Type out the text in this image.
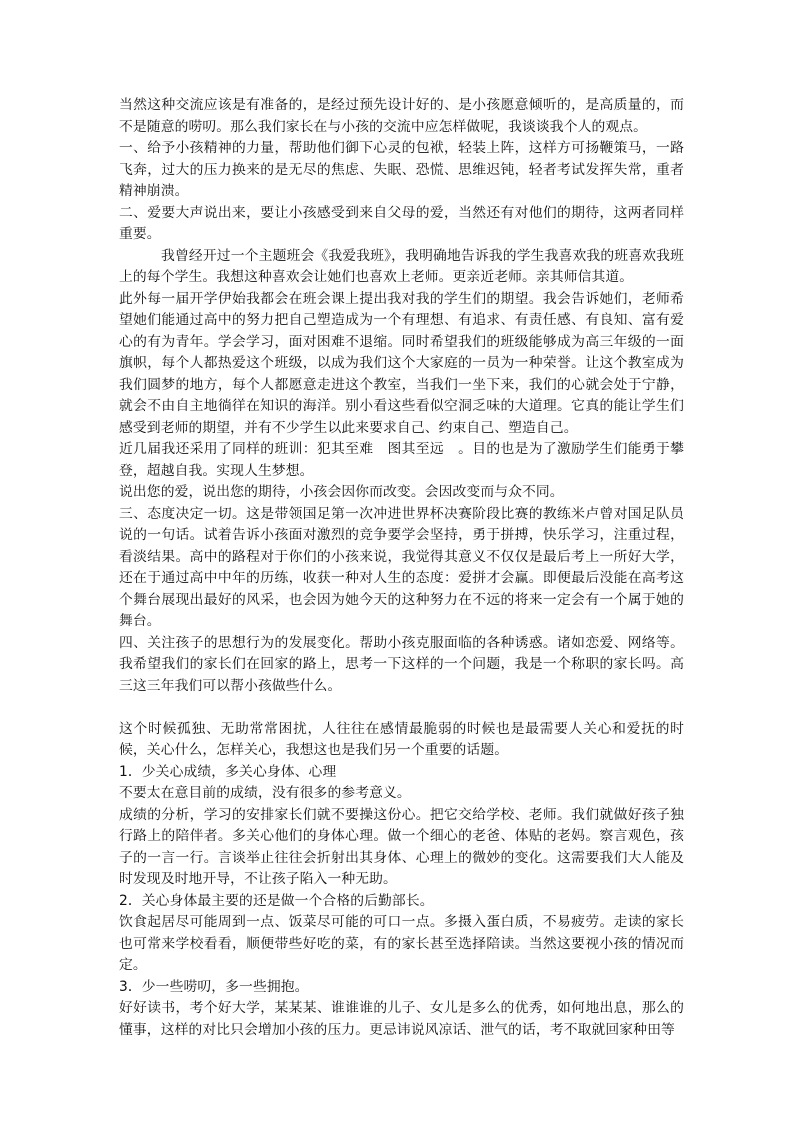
当然这种交流应该是有准备的，是经过预先设计好的、是小孩愿意倾听的，是高质量的，而不是随意的唠叨。那么我们家长在与小孩的交流中应怎样做呢，我谈谈我个人的观点。

一、给予小孩精神的力量，帮助他们御下心灵的包袱，轻装上阵，这样方可扬鞭策马，一路飞奔，过大的压力换来的是无尽的焦虑、失眠、恐慌、思维迟钝，轻者考试发挥失常，重者精神崩溃。

二、爱要大声说出来，要让小孩感受到来自父母的爱，当然还有对他们的期待，这两者同样重要。

我曾经开过一个主题班会《我爱我班》，我明确地告诉我的学生我喜欢我的班喜欢我班上的每个学生。我想这种喜欢会让她们也喜欢上老师。更亲近老师。亲其师信其道。

此外每一届开学伊始我都会在班会课上提出我对我的学生们的期望。我会告诉她们，老师希望她们能通过高中的努力把自己塑造成为一个有理想、有追求、有责任感、有良知、富有爱心的有为青年。学会学习，面对困难不退缩。同时希望我们的班级能够成为高三年级的一面旗帜，每个人都热爱这个班级，以成为我们这个大家庭的一员为一种荣誉。让这个教室成为我们圆梦的地方，每个人都愿意走进这个教室，当我们一坐下来，我们的心就会处于宁静，就会不由自主地徜徉在知识的海洋。别小看这些看似空洞乏味的大道理。它真的能让学生们感受到老师的期望，并有不少学生以此来要求自己、约束自己、塑造自己。

近几届我还采用了同样的班训：犯其至难　图其至远　。目的也是为了激励学生们能勇于攀登，超越自我。实现人生梦想。

说出您的爱，说出您的期待，小孩会因你而改变。会因改变而与众不同。

三、态度决定一切。这是带领国足第一次冲进世界杯决赛阶段比赛的教练米卢曾对国足队员说的一句话。试着告诉小孩面对激烈的竞争要学会坚持，勇于拼搏，快乐学习，注重过程，看淡结果。高中的路程对于你们的小孩来说，我觉得其意义不仅仅是最后考上一所好大学，还在于通过高中中年的历练，收获一种对人生的态度：爱拼才会赢。即便最后没能在高考这个舞台展现出最好的风采，也会因为她今天的这种努力在不远的将来一定会有一个属于她的舞台。

四、关注孩子的思想行为的发展变化。帮助小孩克服面临的各种诱惑。诸如恋爱、网络等。我希望我们的家长们在回家的路上，思考一下这样的一个问题，我是一个称职的家长吗。高三这三年我们可以帮小孩做些什么。

这个时候孤独、无助常常困扰，人往往在感情最脆弱的时候也是最需要人关心和爱抚的时候，关心什么，怎样关心，我想这也是我们另一个重要的话题。

1．少关心成绩，多关心身体、心理

不要太在意目前的成绩，没有很多的参考意义。

成绩的分析，学习的安排家长们就不要操这份心。把它交给学校、老师。我们就做好孩子独行路上的陪伴者。多关心他们的身体心理。做一个细心的老爸、体贴的老妈。察言观色，孩子的一言一行。言谈举止往往会折射出其身体、心理上的微妙的变化。这需要我们大人能及时发现及时地开导，不让孩子陷入一种无助。

2．关心身体最主要的还是做一个合格的后勤部长。

饮食起居尽可能周到一点、饭菜尽可能的可口一点。多摄入蛋白质，不易疲劳。走读的家长也可常来学校看看，顺便带些好吃的菜，有的家长甚至选择陪读。当然这要视小孩的情况而定。

3．少一些唠叨，多一些拥抱。

好好读书，考个好大学，某某某、谁谁谁的儿子、女儿是多么的优秀，如何地出息，那么的懂事，这样的对比只会增加小孩的压力。更忌讳说风凉话、泄气的话，考不取就回家种田等
